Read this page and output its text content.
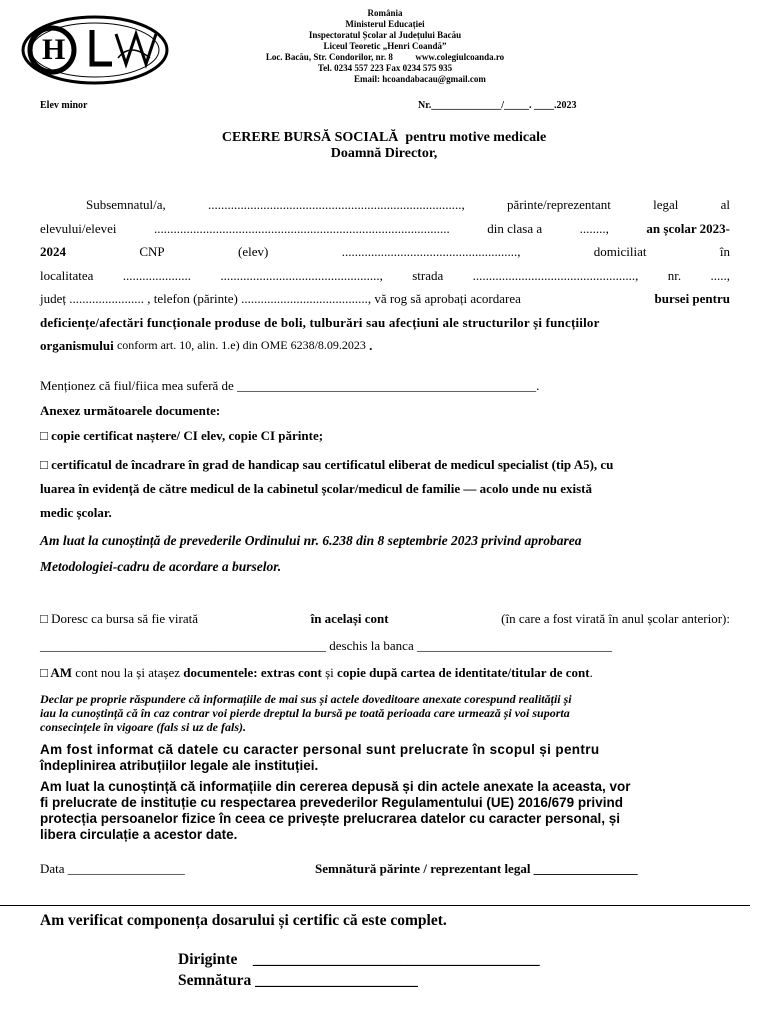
H
România
Ministerul Educației
Inspectoratul Școlar al Județului Bacău
Liceul Teoretic „Henri Coandă”
Loc. Bacău, Str. Condorilor, nr. 8          www.colegiulcoanda.ro
Tel. 0234 557 223 Fax 0234 575 935
Email: hcoandabacau@gmail.com
Elev minor	Nr.______________/_____. ____.2023
CERERE BURSĂ SOCIALĂ pentru motive medicale
Doamnă Director,
Subsemnatul/a,	..............................................................................,	părinte/reprezentant	legal	al
elevului/elevei	...........................................................................................	din clasa a	........,	an școlar 2023-
2024	CNP	(elev)	......................................................,	domiciliat	în
localitatea ..................... ................................................., strada .................................................., nr. .....,
județ ....................... , telefon (părinte) ......................................., vă rog să aprobați acordarea	bursei pentru
deficiențe/afectări funcționale produse de boli, tulburări sau afecțiuni ale structurilor și funcțiilor
organismului
conform art. 10, alin. 1.e) din OME 6238/8.09.2023
.
Menționez că fiul/fiica mea suferă de ______________________________________________.
Anexez următoarele documente:
□ copie certificat naștere/ CI elev, copie CI părinte;
□ certificatul de încadrare în grad de handicap sau certificatul eliberat de medicul specialist (tip A5), cu
luarea în evidență de către medicul de la cabinetul școlar/medicul de familie — acolo unde nu există
medic școlar.
Am luat la cunoștință de prevederile Ordinului nr. 6.238 din 8 septembrie 2023 privind aprobarea
Metodologiei-cadru de acordare a burselor.
□ Doresc ca bursa să fie virată	în același cont	(în care a fost virată în anul școlar anterior):
____________________________________________ deschis la banca ______________________________
□ AM cont nou la și atașez documentele: extras cont și copie după cartea de identitate/titular de cont.
Declar pe proprie răspundere că informațiile de mai sus și actele doveditoare anexate corespund realității și
iau la cunoștință că în caz contrar voi pierde dreptul la bursă pe toată perioada care urmează și voi suporta
consecințele în vigoare (fals si uz de fals).
Am fost informat că datele cu caracter personal sunt prelucrate în scopul și pentru
îndeplinirea atribuțiilor legale ale instituției.
Am luat la cunoștință că informațiile din cererea depusă și din actele anexate la aceasta, vor
fi prelucrate de instituție cu respectarea prevederilor Regulamentului (UE) 2016/679 privind
protecția persoanelor fizice în ceea ce privește prelucrarea datelor cu caracter personal, și
libera circulație a acestor date.
Data __________________	Semnătură părinte / reprezentant legal ________________
Am verificat componența dosarului și certific că este complet.
Diriginte    _____________________________________
Semnătura _____________________
